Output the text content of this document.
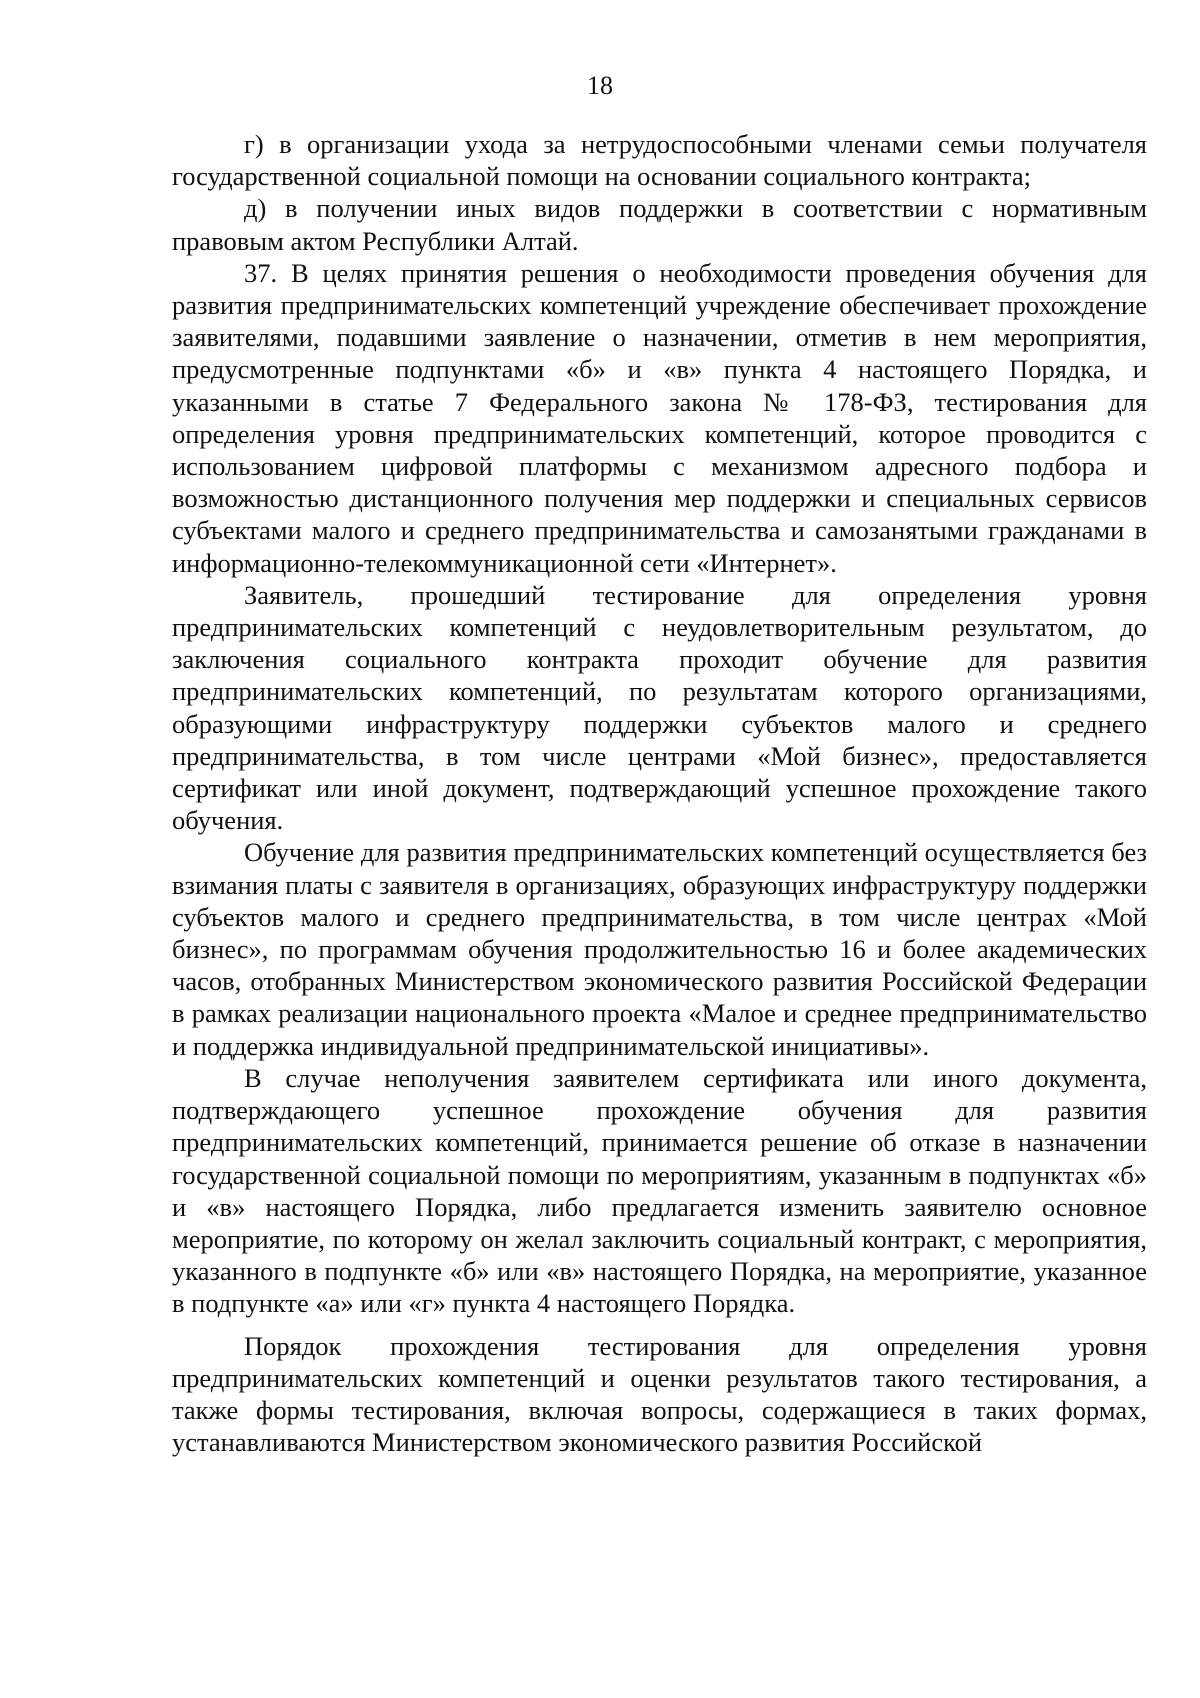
18

г) в организации ухода за нетрудоспособными членами семьи получателя государственной социальной помощи на основании социального контракта;

д) в получении иных видов поддержки в соответствии с нормативным правовым актом Республики Алтай.

37. В целях принятия решения о необходимости проведения обучения для развития предпринимательских компетенций учреждение обеспечивает прохождение заявителями, подавшими заявление о назначении, отметив в нем мероприятия, предусмотренные подпунктами «б» и «в» пункта 4 настоящего Порядка, и указанными в статье 7 Федерального закона № 178-ФЗ, тестирования для определения уровня предпринимательских компетенций, которое проводится с использованием цифровой платформы с механизмом адресного подбора и возможностью дистанционного получения мер поддержки и специальных сервисов субъектами малого и среднего предпринимательства и самозанятыми гражданами в информационно-телекоммуникационной сети «Интернет».

Заявитель, прошедший тестирование для определения уровня предпринимательских компетенций с неудовлетворительным результатом, до заключения социального контракта проходит обучение для развития предпринимательских компетенций, по результатам которого организациями, образующими инфраструктуру поддержки субъектов малого и среднего предпринимательства, в том числе центрами «Мой бизнес», предоставляется сертификат или иной документ, подтверждающий успешное прохождение такого обучения.

Обучение для развития предпринимательских компетенций осуществляется без взимания платы с заявителя в организациях, образующих инфраструктуру поддержки субъектов малого и среднего предпринимательства, в том числе центрах «Мой бизнес», по программам обучения продолжительностью 16 и более академических часов, отобранных Министерством экономического развития Российской Федерации в рамках реализации национального проекта «Малое и среднее предпринимательство и поддержка индивидуальной предпринимательской инициативы».

В случае неполучения заявителем сертификата или иного документа, подтверждающего успешное прохождение обучения для развития предпринимательских компетенций, принимается решение об отказе в назначении государственной социальной помощи по мероприятиям, указанным в подпунктах «б» и «в» настоящего Порядка, либо предлагается изменить заявителю основное мероприятие, по которому он желал заключить социальный контракт, с мероприятия, указанного в подпункте «б» или «в» настоящего Порядка, на мероприятие, указанное в подпункте «а» или «г» пункта 4 настоящего Порядка.

Порядок прохождения тестирования для определения уровня предпринимательских компетенций и оценки результатов такого тестирования, а также формы тестирования, включая вопросы, содержащиеся в таких формах, устанавливаются Министерством экономического развития Российской
